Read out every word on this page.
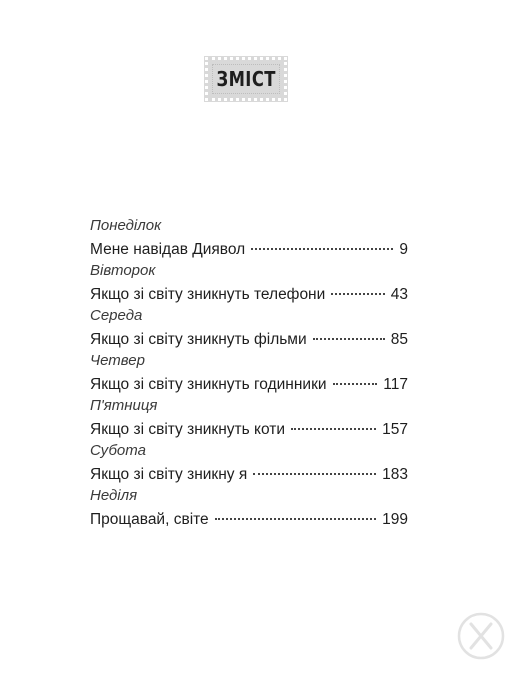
ЗМІСТ
Понеділок
Мене навідав Диявол	9
Вівторок
Якщо зі світу зникнуть телефони	43
Середа
Якщо зі світу зникнуть фільми	85
Четвер
Якщо зі світу зникнуть годинники	117
П'ятниця
Якщо зі світу зникнуть коти	157
Субота
Якщо зі світу зникну я	183
Неділя
Прощавай, світе	199
